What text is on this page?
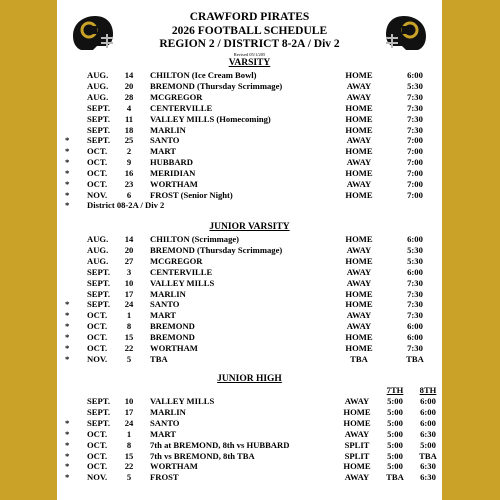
CRAWFORD PIRATES
2026 FOOTBALL SCHEDULE
REGION 2 / DISTRICT 8-2A / Div 2
Revised 05/1/205
VARSITY
AUG.	14	CHILTON (Ice Cream Bowl)	HOME	6:00
AUG.	20	BREMOND (Thursday Scrimmage)	AWAY	5:30
AUG.	28	MCGREGOR	AWAY	7:30
SEPT.	4	CENTERVILLE	HOME	7:30
SEPT.	11	VALLEY MILLS (Homecoming)	HOME	7:30
SEPT.	18	MARLIN	HOME	7:30
* SEPT.	25	SANTO	AWAY	7:00
* OCT.	2	MART	HOME	7:00
* OCT.	9	HUBBARD	AWAY	7:00
* OCT.	16	MERIDIAN	HOME	7:00
* OCT.	23	WORTHAM	AWAY	7:00
* NOV.	6	FROST (Senior Night)	HOME	7:00
* District 08-2A / Div 2
JUNIOR VARSITY
AUG.	14	CHILTON (Scrimmage)	HOME	6:00
AUG.	20	BREMOND (Thursday Scrimmage)	AWAY	5:30
AUG.	27	MCGREGOR	HOME	5:30
SEPT.	3	CENTERVILLE	AWAY	6:00
SEPT.	10	VALLEY MILLS	AWAY	7:30
SEPT.	17	MARLIN	HOME	7:30
* SEPT.	24	SANTO	HOME	7:30
* OCT.	1	MART	AWAY	7:30
* OCT.	8	BREMOND	AWAY	6:00
* OCT.	15	BREMOND	HOME	6:00
* OCT.	22	WORTHAM	HOME	7:30
* NOV.	5	TBA	TBA	TBA
JUNIOR HIGH
7TH	8TH
SEPT.	10	VALLEY MILLS	AWAY	5:00	6:00
SEPT.	17	MARLIN	HOME	5:00	6:00
* SEPT.	24	SANTO	HOME	5:00	6:00
* OCT.	1	MART	AWAY	5:00	6:30
* OCT.	8	7th at BREMOND, 8th vs HUBBARD	SPLIT	5:00	5:00
* OCT.	15	7th vs BREMOND, 8th TBA	SPLIT	5:00	TBA
* OCT.	22	WORTHAM	HOME	5:00	6:30
* NOV.	5	FROST	AWAY	TBA	6:30
